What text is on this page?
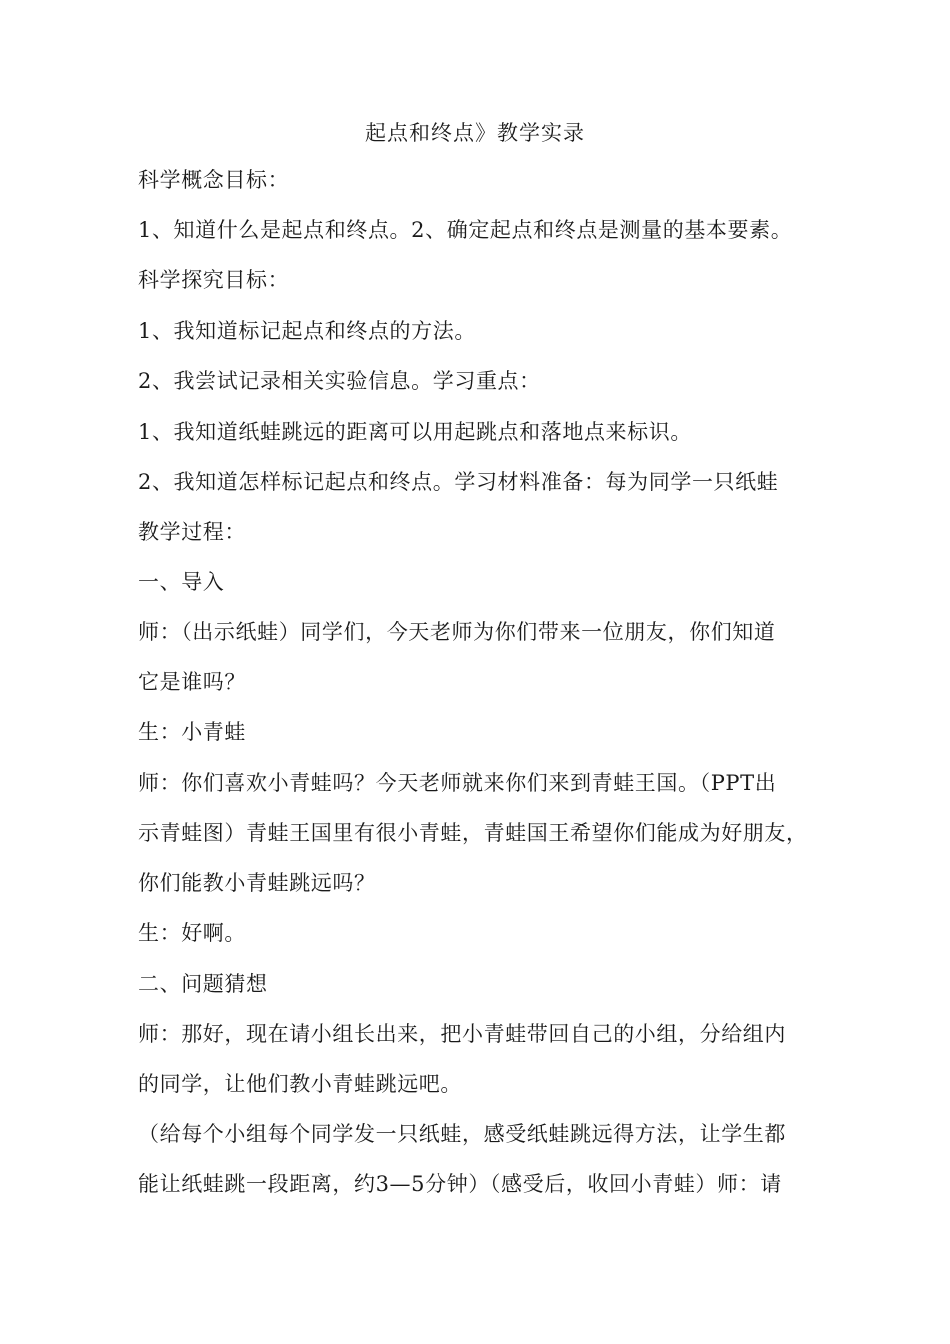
起点和终点》教学实录
科学概念目标：
1、知道什么是起点和终点。2、确定起点和终点是测量的基本要素。
科学探究目标：
1、我知道标记起点和终点的方法。
2、我尝试记录相关实验信息。学习重点：
1、我知道纸蛙跳远的距离可以用起跳点和落地点来标识。
2、我知道怎样标记起点和终点。学习材料准备：每为同学一只纸蛙
教学过程：
一、导入
师：（出示纸蛙）同学们，今天老师为你们带来一位朋友，你们知道
它是谁吗？
生：小青蛙
师：你们喜欢小青蛙吗？今天老师就来你们来到青蛙王国。（PPT出
示青蛙图）青蛙王国里有很小青蛙，青蛙国王希望你们能成为好朋友，
你们能教小青蛙跳远吗？
生：好啊。
二、问题猜想
师：那好，现在请小组长出来，把小青蛙带回自己的小组，分给组内
的同学，让他们教小青蛙跳远吧。
（给每个小组每个同学发一只纸蛙，感受纸蛙跳远得方法，让学生都
能让纸蛙跳一段距离，约3—5分钟）（感受后，收回小青蛙）师：请
